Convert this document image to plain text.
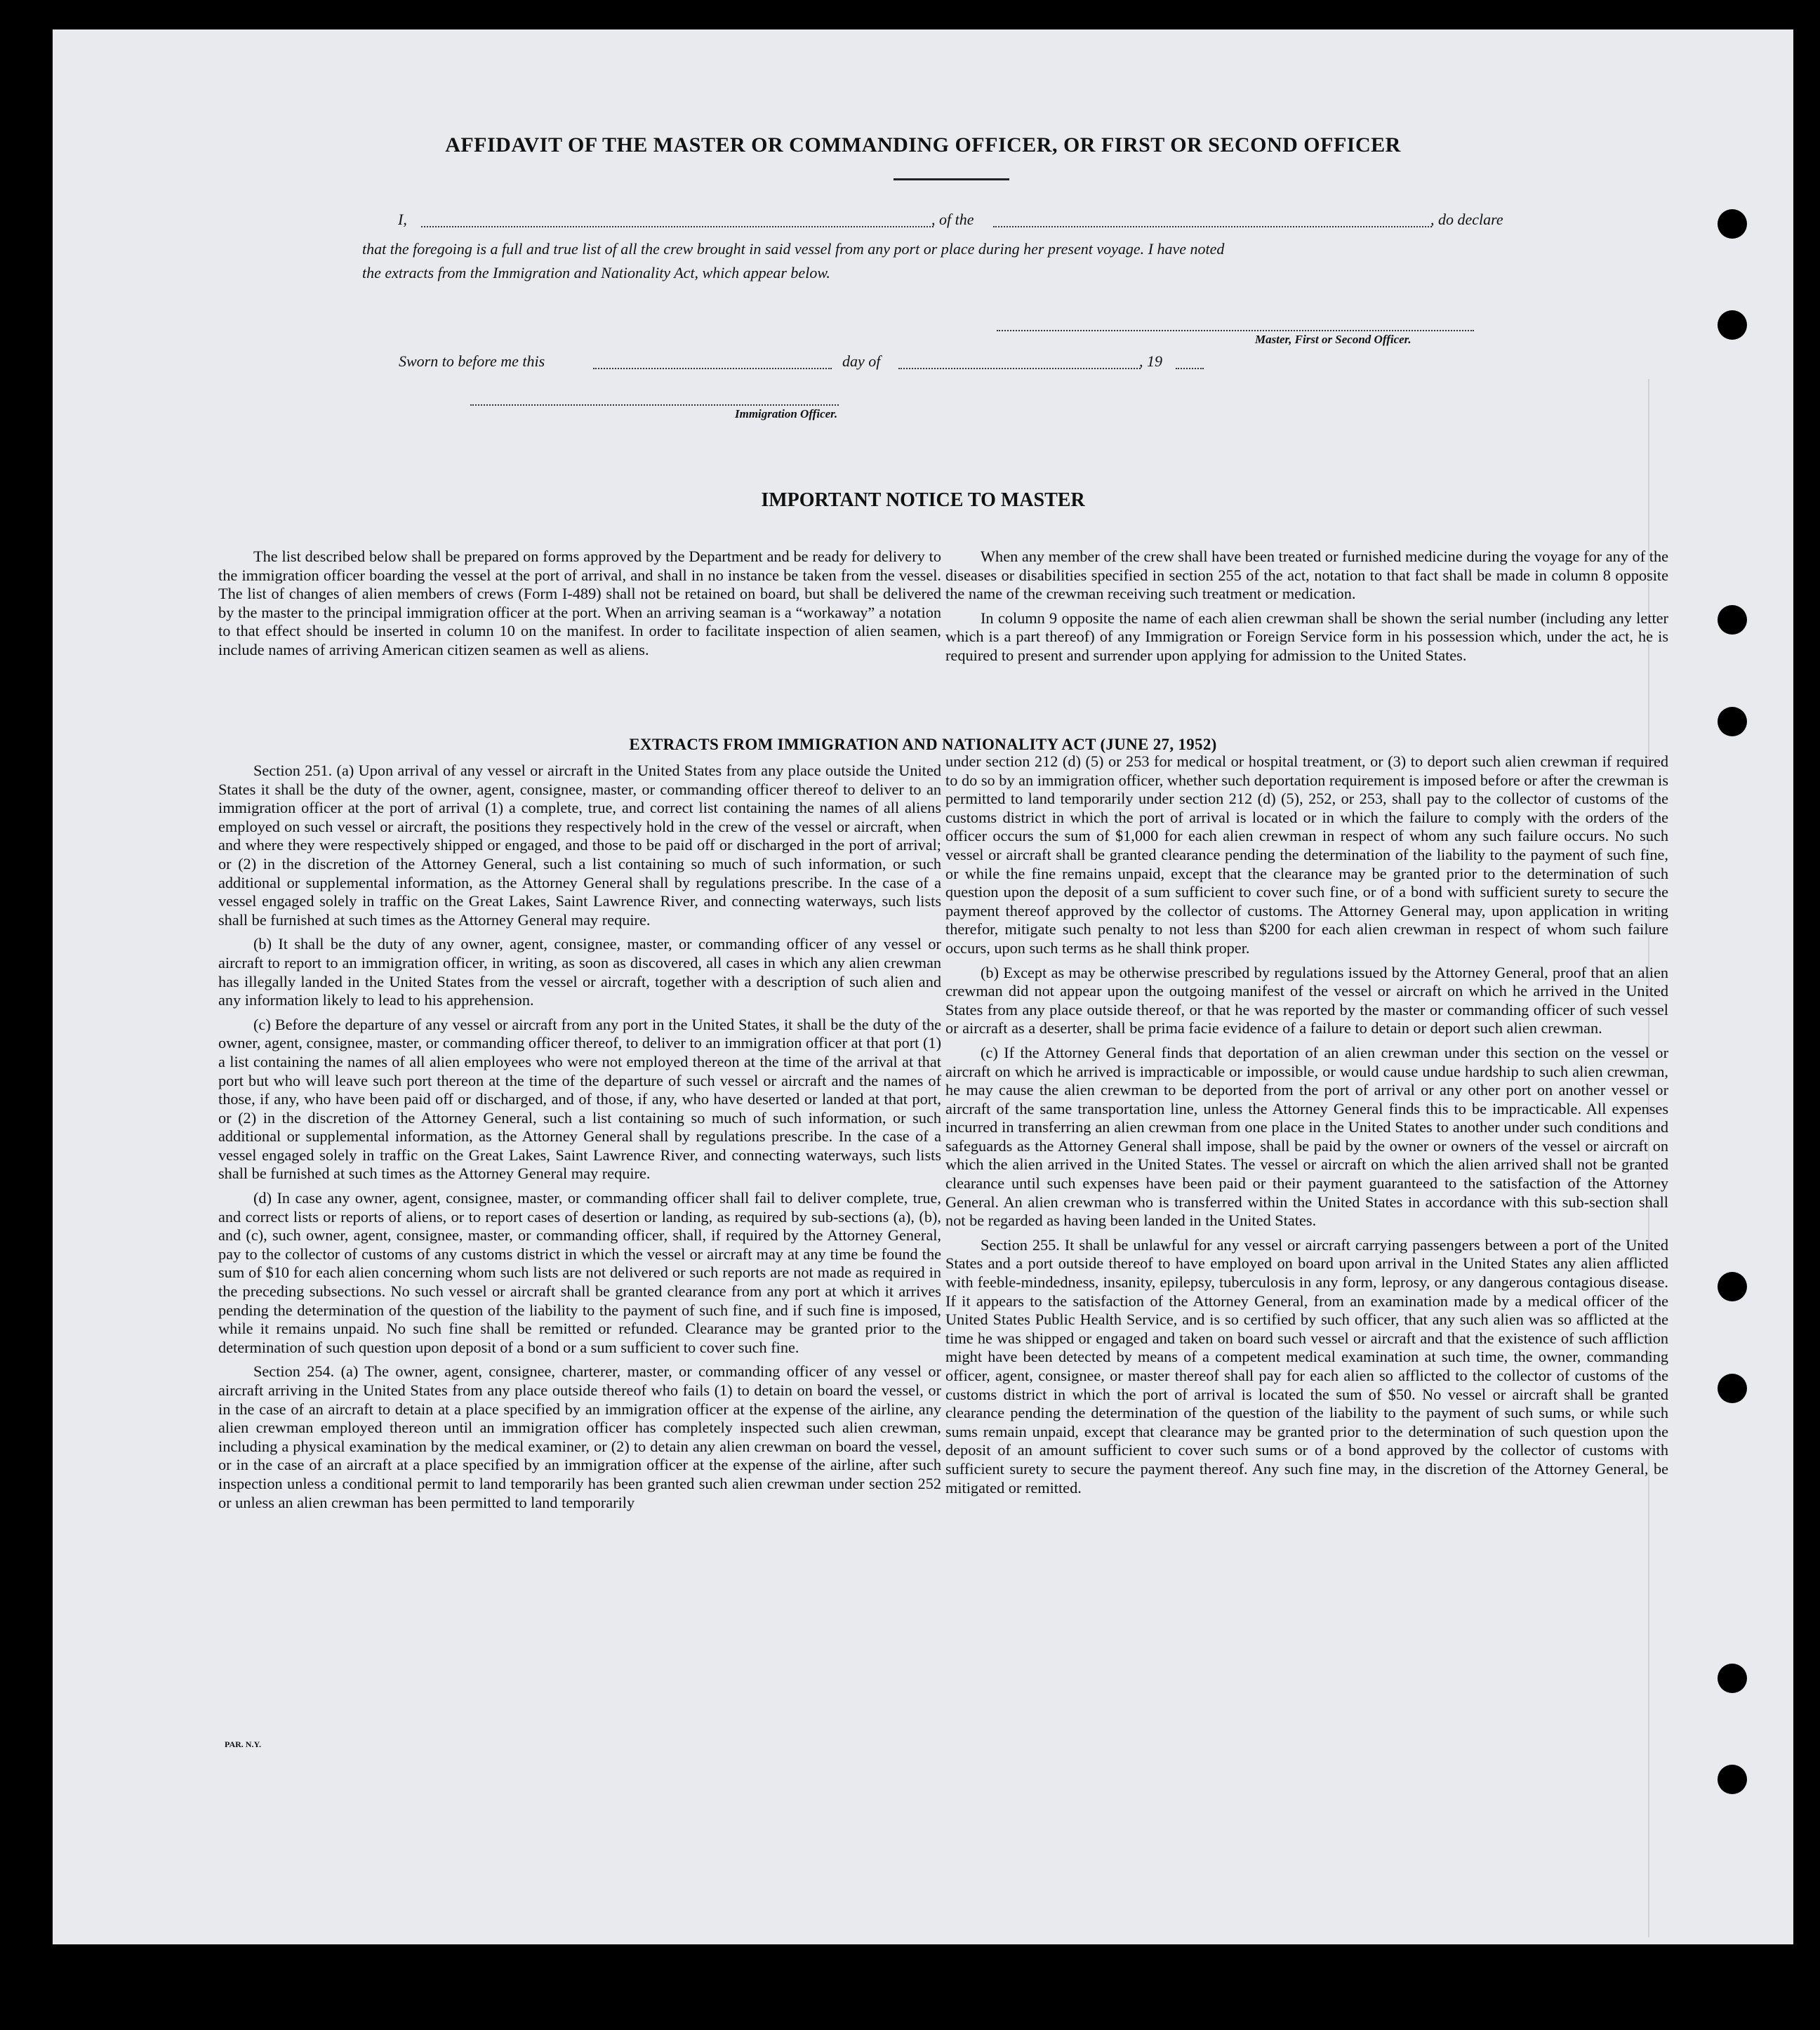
AFFIDAVIT OF THE MASTER OR COMMANDING OFFICER, OR FIRST OR SECOND OFFICER
I,	, of the	, do declare
that the foregoing is a full and true list of all the crew brought in said vessel from any port or place during her present voyage. I have noted
the extracts from the Immigration and Nationality Act, which appear below.
Master, First or Second Officer.
Sworn to before me this	day of	, 19
Immigration Officer.
IMPORTANT NOTICE TO MASTER

The list described below shall be prepared on forms approved by the Department and be ready for delivery to the immigration officer boarding the vessel at the port of arrival, and shall in no instance be taken from the vessel. The list of changes of alien members of crews (Form I-489) shall not be retained on board, but shall be delivered by the master to the principal immigration officer at the port. When an arriving seaman is a “workaway” a notation to that effect should be inserted in column 10 on the manifest. In order to facilitate inspection of alien seamen, include names of arriving American citizen seamen as well as aliens.

When any member of the crew shall have been treated or furnished medicine during the voyage for any of the diseases or disabilities specified in section 255 of the act, notation to that fact shall be made in column 8 opposite the name of the crewman receiving such treatment or medication.

In column 9 opposite the name of each alien crewman shall be shown the serial number (including any letter which is a part thereof) of any Immigration or Foreign Service form in his possession which, under the act, he is required to present and surrender upon applying for admission to the United States.

EXTRACTS FROM IMMIGRATION AND NATIONALITY ACT (JUNE 27, 1952)

Section 251. (a) Upon arrival of any vessel or aircraft in the United States from any place outside the United States it shall be the duty of the owner, agent, consignee, master, or commanding officer thereof to deliver to an immigration officer at the port of arrival (1) a complete, true, and correct list containing the names of all aliens employed on such vessel or aircraft, the positions they respectively hold in the crew of the vessel or aircraft, when and where they were respectively shipped or engaged, and those to be paid off or discharged in the port of arrival; or (2) in the discretion of the Attorney General, such a list containing so much of such information, or such additional or supplemental information, as the Attorney General shall by regulations prescribe. In the case of a vessel engaged solely in traffic on the Great Lakes, Saint Lawrence River, and connecting waterways, such lists shall be furnished at such times as the Attorney General may require.

(b) It shall be the duty of any owner, agent, consignee, master, or commanding officer of any vessel or aircraft to report to an immigration officer, in writing, as soon as discovered, all cases in which any alien crewman has illegally landed in the United States from the vessel or aircraft, together with a description of such alien and any information likely to lead to his apprehension.

(c) Before the departure of any vessel or aircraft from any port in the United States, it shall be the duty of the owner, agent, consignee, master, or commanding officer thereof, to deliver to an immigration officer at that port (1) a list containing the names of all alien employees who were not employed thereon at the time of the arrival at that port but who will leave such port thereon at the time of the departure of such vessel or aircraft and the names of those, if any, who have been paid off or discharged, and of those, if any, who have deserted or landed at that port, or (2) in the discretion of the Attorney General, such a list containing so much of such information, or such additional or supplemental information, as the Attorney General shall by regulations prescribe. In the case of a vessel engaged solely in traffic on the Great Lakes, Saint Lawrence River, and connecting waterways, such lists shall be furnished at such times as the Attorney General may require.

(d) In case any owner, agent, consignee, master, or commanding officer shall fail to deliver complete, true, and correct lists or reports of aliens, or to report cases of desertion or landing, as required by sub-sections (a), (b), and (c), such owner, agent, consignee, master, or commanding officer, shall, if required by the Attorney General, pay to the collector of customs of any customs district in which the vessel or aircraft may at any time be found the sum of $10 for each alien concerning whom such lists are not delivered or such reports are not made as required in the preceding subsections. No such vessel or aircraft shall be granted clearance from any port at which it arrives pending the determination of the question of the liability to the payment of such fine, and if such fine is imposed, while it remains unpaid. No such fine shall be remitted or refunded. Clearance may be granted prior to the determination of such question upon deposit of a bond or a sum sufficient to cover such fine.

Section 254. (a) The owner, agent, consignee, charterer, master, or commanding officer of any vessel or aircraft arriving in the United States from any place outside thereof who fails (1) to detain on board the vessel, or in the case of an aircraft to detain at a place specified by an immigration officer at the expense of the airline, any alien crewman employed thereon until an immigration officer has completely inspected such alien crewman, including a physical examination by the medical examiner, or (2) to detain any alien crewman on board the vessel, or in the case of an aircraft at a place specified by an immigration officer at the expense of the airline, after such inspection unless a conditional permit to land temporarily has been granted such alien crewman under section 252 or unless an alien crewman has been permitted to land temporarily

under section 212 (d) (5) or 253 for medical or hospital treatment, or (3) to deport such alien crewman if required to do so by an immigration officer, whether such deportation requirement is imposed before or after the crewman is permitted to land temporarily under section 212 (d) (5), 252, or 253, shall pay to the collector of customs of the customs district in which the port of arrival is located or in which the failure to comply with the orders of the officer occurs the sum of $1,000 for each alien crewman in respect of whom any such failure occurs. No such vessel or aircraft shall be granted clearance pending the determination of the liability to the payment of such fine, or while the fine remains unpaid, except that the clearance may be granted prior to the determination of such question upon the deposit of a sum sufficient to cover such fine, or of a bond with sufficient surety to secure the payment thereof approved by the collector of customs. The Attorney General may, upon application in writing therefor, mitigate such penalty to not less than $200 for each alien crewman in respect of whom such failure occurs, upon such terms as he shall think proper.

(b) Except as may be otherwise prescribed by regulations issued by the Attorney General, proof that an alien crewman did not appear upon the outgoing manifest of the vessel or aircraft on which he arrived in the United States from any place outside thereof, or that he was reported by the master or commanding officer of such vessel or aircraft as a deserter, shall be prima facie evidence of a failure to detain or deport such alien crewman.

(c) If the Attorney General finds that deportation of an alien crewman under this section on the vessel or aircraft on which he arrived is impracticable or impossible, or would cause undue hardship to such alien crewman, he may cause the alien crewman to be deported from the port of arrival or any other port on another vessel or aircraft of the same transportation line, unless the Attorney General finds this to be impracticable. All expenses incurred in transferring an alien crewman from one place in the United States to another under such conditions and safeguards as the Attorney General shall impose, shall be paid by the owner or owners of the vessel or aircraft on which the alien arrived in the United States. The vessel or aircraft on which the alien arrived shall not be granted clearance until such expenses have been paid or their payment guaranteed to the satisfaction of the Attorney General. An alien crewman who is transferred within the United States in accordance with this sub-section shall not be regarded as having been landed in the United States.

Section 255. It shall be unlawful for any vessel or aircraft carrying passengers between a port of the United States and a port outside thereof to have employed on board upon arrival in the United States any alien afflicted with feeble-mindedness, insanity, epilepsy, tuberculosis in any form, leprosy, or any dangerous contagious disease. If it appears to the satisfaction of the Attorney General, from an examination made by a medical officer of the United States Public Health Service, and is so certified by such officer, that any such alien was so afflicted at the time he was shipped or engaged and taken on board such vessel or aircraft and that the existence of such affliction might have been detected by means of a competent medical examination at such time, the owner, commanding officer, agent, consignee, or master thereof shall pay for each alien so afflicted to the collector of customs of the customs district in which the port of arrival is located the sum of $50. No vessel or aircraft shall be granted clearance pending the determination of the question of the liability to the payment of such sums, or while such sums remain unpaid, except that clearance may be granted prior to the determination of such question upon the deposit of an amount sufficient to cover such sums or of a bond approved by the collector of customs with sufficient surety to secure the payment thereof. Any such fine may, in the discretion of the Attorney General, be mitigated or remitted.

PAR. N.Y.
